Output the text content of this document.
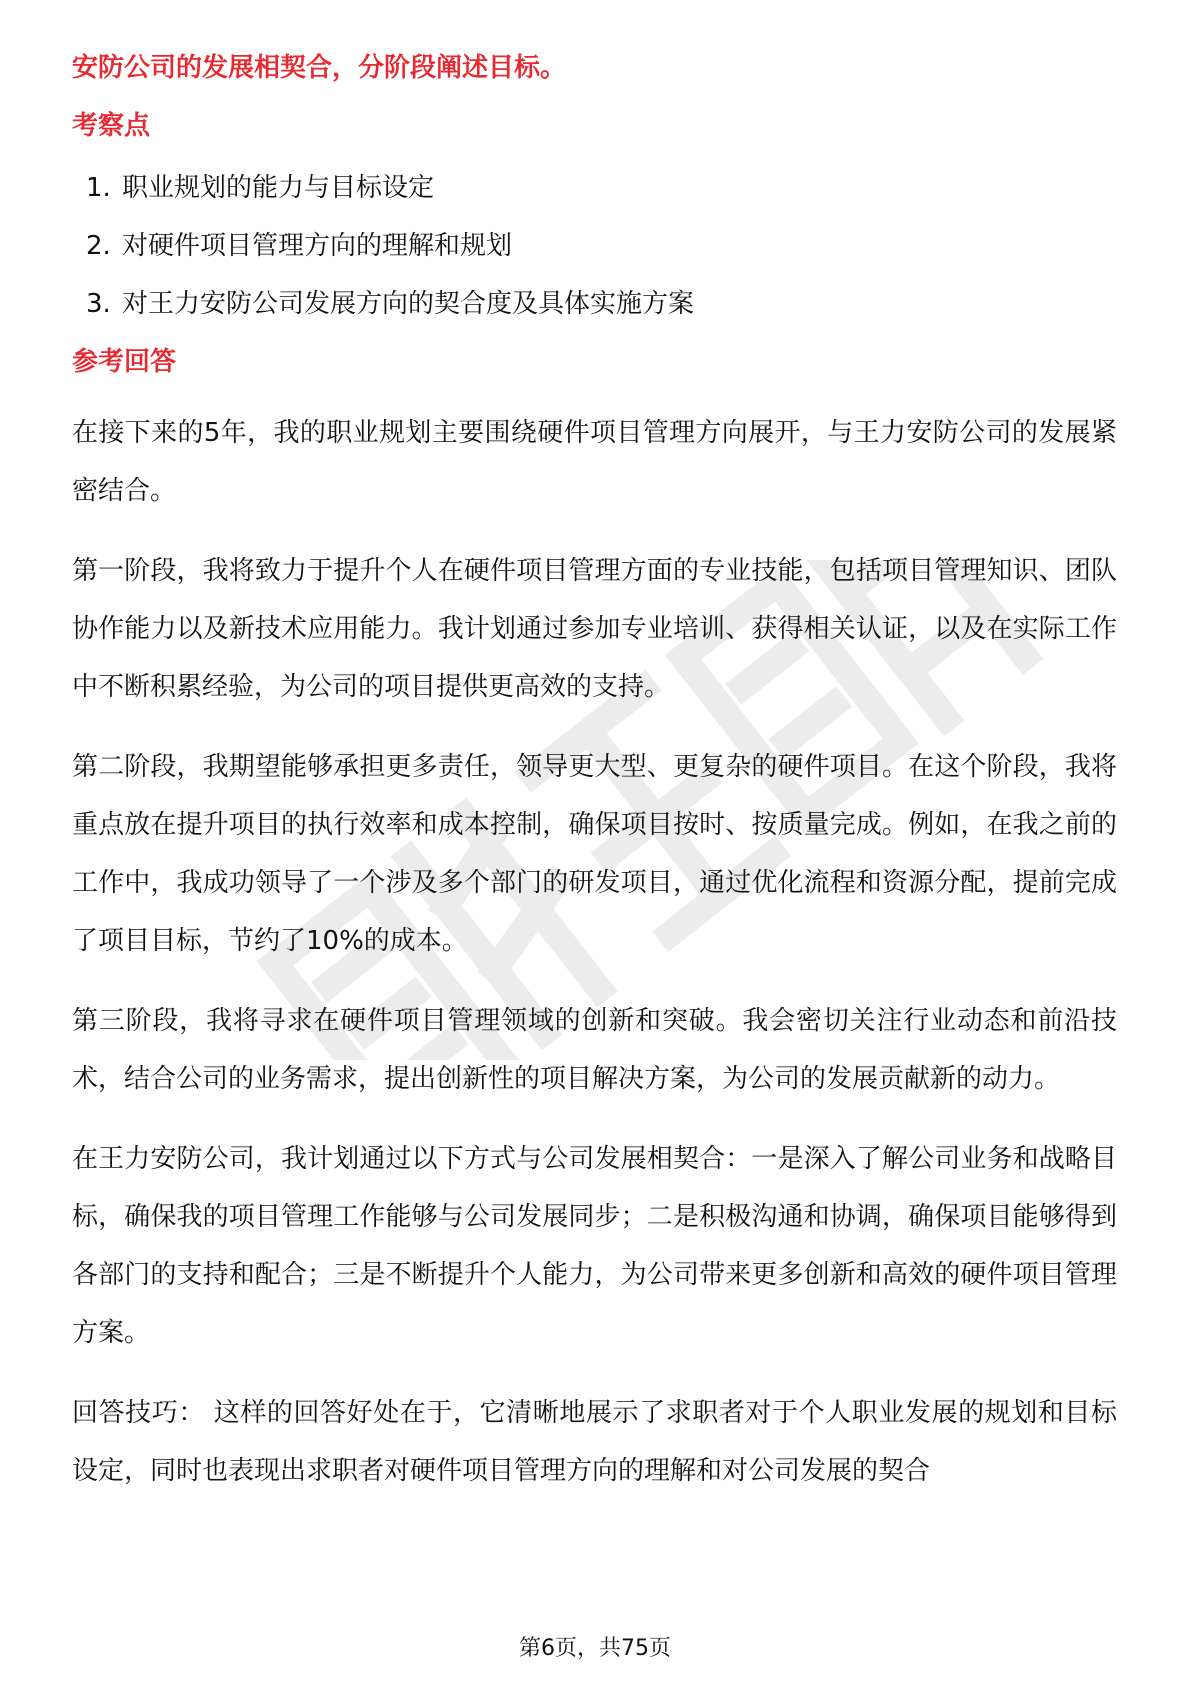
安防公司的发展相契合，分阶段阐述目标。

考察点
1. 职业规划的能力与目标设定
2. 对硬件项目管理方向的理解和规划
3. 对王力安防公司发展方向的契合度及具体实施方案
参考回答

在接下来的5年，我的职业规划主要围绕硬件项目管理方向展开，与王力安防公司的发展紧密结合。

第一阶段，我将致力于提升个人在硬件项目管理方面的专业技能，包括项目管理知识、团队协作能力以及新技术应用能力。我计划通过参加专业培训、获得相关认证，以及在实际工作中不断积累经验，为公司的项目提供更高效的支持。

第二阶段，我期望能够承担更多责任，领导更大型、更复杂的硬件项目。在这个阶段，我将重点放在提升项目的执行效率和成本控制，确保项目按时、按质量完成。例如，在我之前的工作中，我成功领导了一个涉及多个部门的研发项目，通过优化流程和资源分配，提前完成了项目目标，节约了10%的成本。

第三阶段，我将寻求在硬件项目管理领域的创新和突破。我会密切关注行业动态和前沿技术，结合公司的业务需求，提出创新性的项目解决方案，为公司的发展贡献新的动力。

在王力安防公司，我计划通过以下方式与公司发展相契合：一是深入了解公司业务和战略目标，确保我的项目管理工作能够与公司发展同步；二是积极沟通和协调，确保项目能够得到各部门的支持和配合；三是不断提升个人能力，为公司带来更多创新和高效的硬件项目管理方案。

回答技巧： 这样的回答好处在于，它清晰地展示了求职者对于个人职业发展的规划和目标设定，同时也表现出求职者对硬件项目管理方向的理解和对公司发展的契合

第6页，共75页
